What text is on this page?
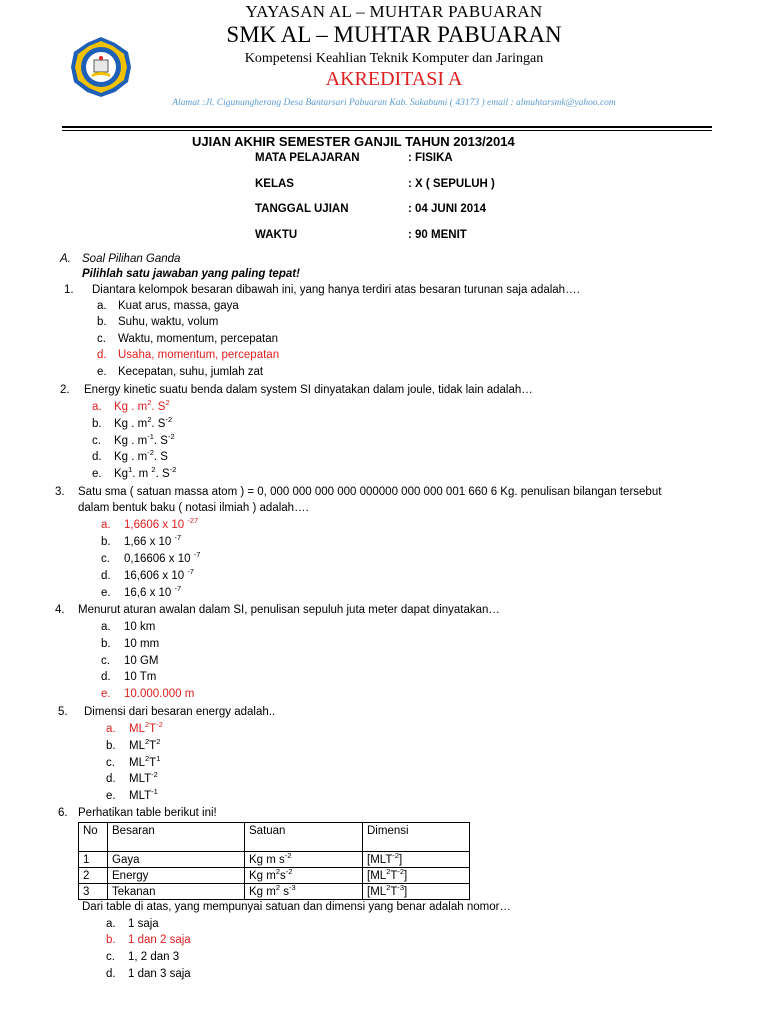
YAYASAN AL – MUHTAR PABUARAN
SMK AL – MUHTAR PABUARAN
Kompetensi Keahlian Teknik Komputer dan Jaringan
AKREDITASI A
Alamat :Jl. Cigunungherang Desa Bantarsari Pabuaran Kab. Sukabumi ( 43173 ) email : almuhtarsmk@yahoo.com
UJIAN AKHIR SEMESTER GANJIL TAHUN 2013/2014
MATA PELAJARAN	: FISIKA
KELAS	: X ( SEPULUH )
TANGGAL UJIAN	: 04 JUNI 2014
WAKTU	: 90 MENIT
A. Soal Pilihan Ganda
Pilihlah satu jawaban yang paling tepat!
1. Diantara kelompok besaran dibawah ini, yang hanya terdiri atas besaran turunan saja adalah….
a. Kuat arus, massa, gaya
b. Suhu, waktu, volum
c. Waktu, momentum, percepatan
d. Usaha, momentum, percepatan
e. Kecepatan, suhu, jumlah zat
2. Energy kinetic suatu benda dalam system SI dinyatakan dalam joule, tidak lain adalah…
a. Kg . $m^2$. $S^2$
b. Kg . $m^2$. $S^{-2}$
c. Kg . $m^{-1}$. $S^{-2}$
d. Kg . $m^{-2}$. S
e. Kg$^1$. m $^2$. $S^{-2}$
3. Satu sma ( satuan massa atom ) = 0, 000 000 000 000 000000 000 000 001 660 6 Kg. penulisan bilangan tersebut
dalam bentuk baku ( notasi ilmiah ) adalah….
a. 1,6606 x 10 $^{-27}$
b. 1,66 x 10 $^{-7}$
c. 0,16606 x 10 $^{-7}$
d. 16,606 x 10 $^{-7}$
e. 16,6 x 10 $^{-7}$
4. Menurut aturan awalan dalam SI, penulisan sepuluh juta meter dapat dinyatakan…
a. 10 km
b. 10 mm
c. 10 GM
d. 10 Tm
e. 10.000.000 m
5. Dimensi dari besaran energy adalah..
a. $ML^2T^{-2}$
b. $ML^2T^2$
c. $ML^2T^1$
d. $MLT^{-2}$
e. $MLT^{-1}$
6. Perhatikan table berikut ini!
No	Besaran	Satuan	Dimensi
1	Gaya	Kg m $s^{-2}$	$[MLT^{-2}]$
2	Energy	Kg $m^2s^{-2}$	$[ML^2T^{-2}]$
3	Tekanan	Kg $m^2$ $s^{-3}$	$[ML^2T^{-3}]$
Dari table di atas, yang mempunyai satuan dan dimensi yang benar adalah nomor…
a. 1 saja
b. 1 dan 2 saja
c. 1, 2 dan 3
d. 1 dan 3 saja
